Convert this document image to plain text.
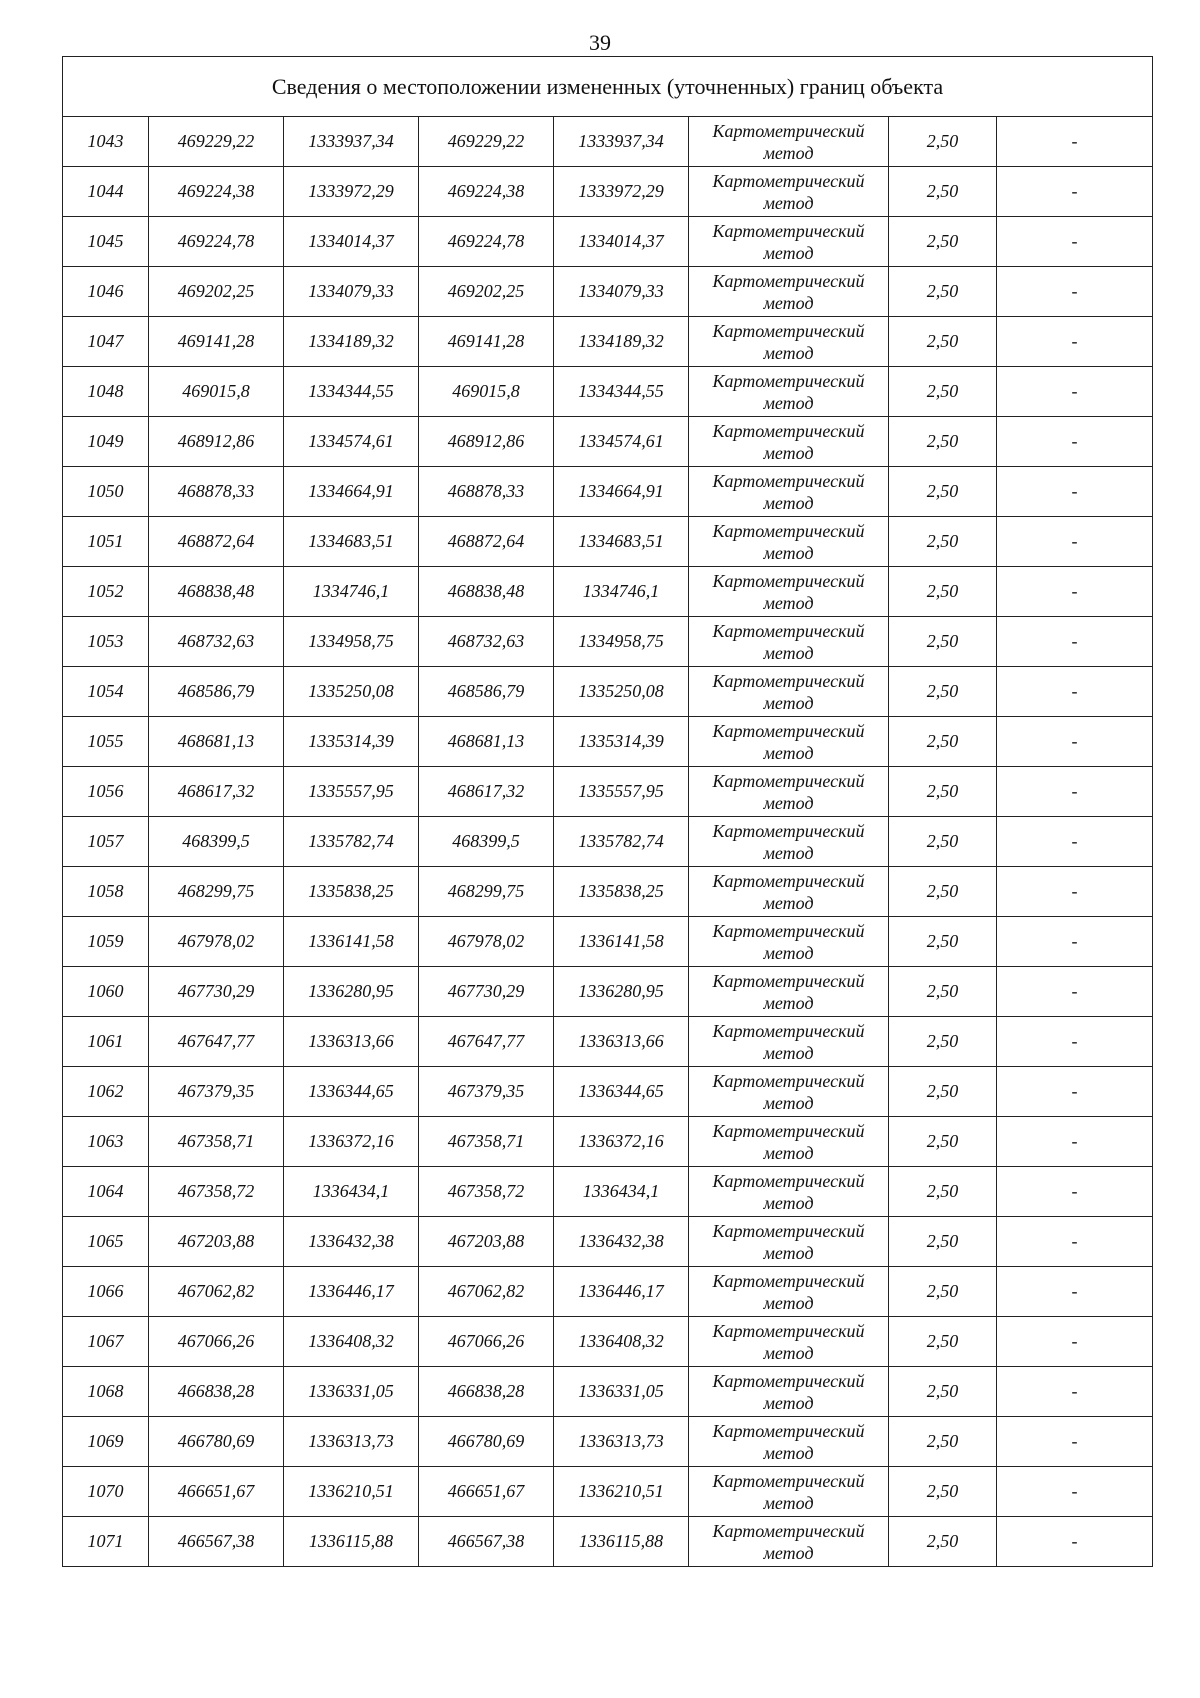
39
Сведения о местоположении измененных (уточненных) границ объекта							
1043	469229,22	1333937,34	469229,22	1333937,34	Картометрический
метод	2,50	-
1044	469224,38	1333972,29	469224,38	1333972,29	Картометрический
метод	2,50	-
1045	469224,78	1334014,37	469224,78	1334014,37	Картометрический
метод	2,50	-
1046	469202,25	1334079,33	469202,25	1334079,33	Картометрический
метод	2,50	-
1047	469141,28	1334189,32	469141,28	1334189,32	Картометрический
метод	2,50	-
1048	469015,8	1334344,55	469015,8	1334344,55	Картометрический
метод	2,50	-
1049	468912,86	1334574,61	468912,86	1334574,61	Картометрический
метод	2,50	-
1050	468878,33	1334664,91	468878,33	1334664,91	Картометрический
метод	2,50	-
1051	468872,64	1334683,51	468872,64	1334683,51	Картометрический
метод	2,50	-
1052	468838,48	1334746,1	468838,48	1334746,1	Картометрический
метод	2,50	-
1053	468732,63	1334958,75	468732,63	1334958,75	Картометрический
метод	2,50	-
1054	468586,79	1335250,08	468586,79	1335250,08	Картометрический
метод	2,50	-
1055	468681,13	1335314,39	468681,13	1335314,39	Картометрический
метод	2,50	-
1056	468617,32	1335557,95	468617,32	1335557,95	Картометрический
метод	2,50	-
1057	468399,5	1335782,74	468399,5	1335782,74	Картометрический
метод	2,50	-
1058	468299,75	1335838,25	468299,75	1335838,25	Картометрический
метод	2,50	-
1059	467978,02	1336141,58	467978,02	1336141,58	Картометрический
метод	2,50	-
1060	467730,29	1336280,95	467730,29	1336280,95	Картометрический
метод	2,50	-
1061	467647,77	1336313,66	467647,77	1336313,66	Картометрический
метод	2,50	-
1062	467379,35	1336344,65	467379,35	1336344,65	Картометрический
метод	2,50	-
1063	467358,71	1336372,16	467358,71	1336372,16	Картометрический
метод	2,50	-
1064	467358,72	1336434,1	467358,72	1336434,1	Картометрический
метод	2,50	-
1065	467203,88	1336432,38	467203,88	1336432,38	Картометрический
метод	2,50	-
1066	467062,82	1336446,17	467062,82	1336446,17	Картометрический
метод	2,50	-
1067	467066,26	1336408,32	467066,26	1336408,32	Картометрический
метод	2,50	-
1068	466838,28	1336331,05	466838,28	1336331,05	Картометрический
метод	2,50	-
1069	466780,69	1336313,73	466780,69	1336313,73	Картометрический
метод	2,50	-
1070	466651,67	1336210,51	466651,67	1336210,51	Картометрический
метод	2,50	-
1071	466567,38	1336115,88	466567,38	1336115,88	Картометрический
метод	2,50	-
